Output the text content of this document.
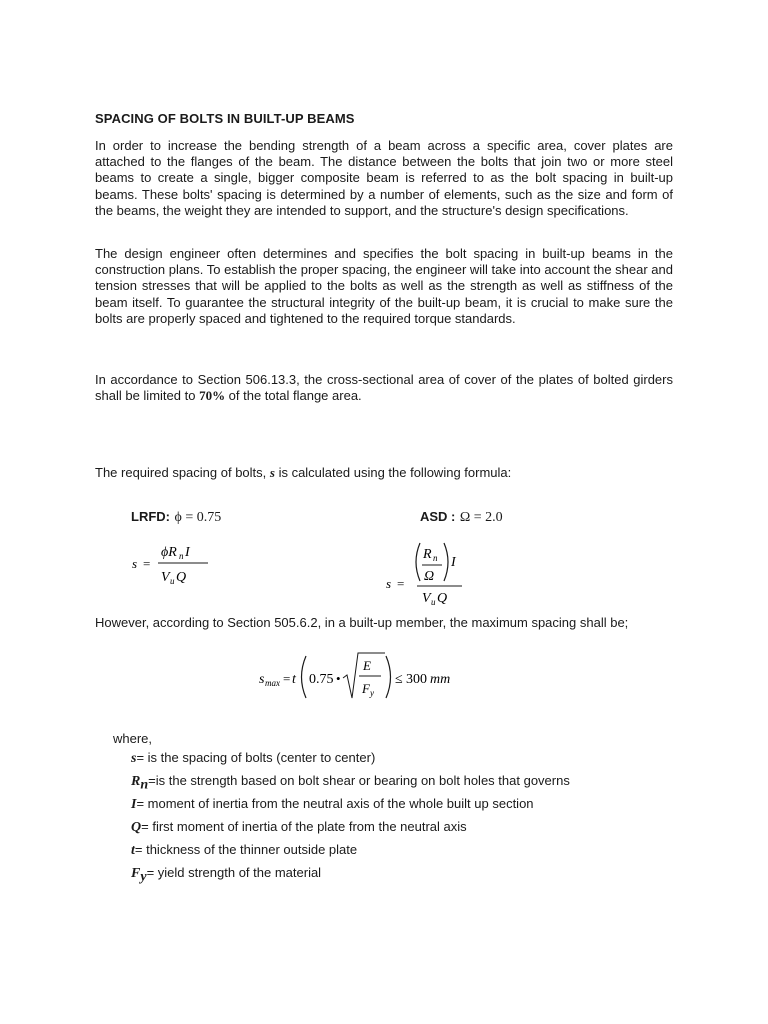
SPACING OF BOLTS IN BUILT-UP BEAMS
In order to increase the bending strength of a beam across a specific area, cover plates are attached to the flanges of the beam. The distance between the bolts that join two or more steel beams to create a single, bigger composite beam is referred to as the bolt spacing in built-up beams. These bolts' spacing is determined by a number of elements, such as the size and form of the beams, the weight they are intended to support, and the structure's design specifications.
The design engineer often determines and specifies the bolt spacing in built-up beams in the construction plans. To establish the proper spacing, the engineer will take into account the shear and tension stresses that will be applied to the bolts as well as the strength as well as stiffness of the beam itself. To guarantee the structural integrity of the built-up beam, it is crucial to make sure the bolts are properly spaced and tightened to the required torque standards.
In accordance to Section 506.13.3, the cross-sectional area of cover of the plates of bolted girders shall be limited to 70% of the total flange area.
The required spacing of bolts, s is calculated using the following formula:
LRFD: ϕ = 0.75	ASD : Ω = 2.0
s =
ϕR n I
V u Q	s =
R n
Ω
I
V u Q
However, according to Section 505.6.2, in a built-up member, the maximum spacing shall be;
s max = t 0.75 •
E
F y
≤ 300 mm
where,
s= is the spacing of bolts (center to center)
$R_n=is$ the strength based on bolt shear or bearing on bolt holes that governs
I= moment of inertia from the neutral axis of the whole built up section
Q= first moment of inertia of the plate from the neutral axis
t= thickness of the thinner outside plate
$F_y=$ yield strength of the material
